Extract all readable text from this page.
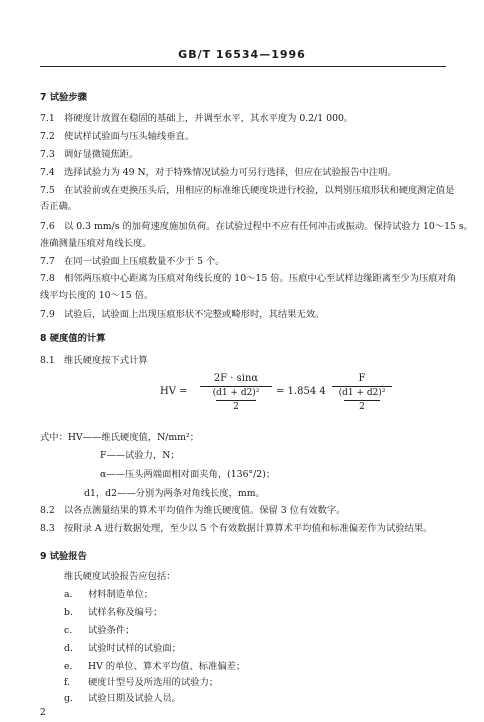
GB/T 16534—1996
7 试验步骤
7.1 将硬度计放置在稳固的基础上，并调至水平，其水平度为 0.2/1 000。
7.2 使试样试验面与压头轴线垂直。
7.3 调好显微镜焦距。
7.4 选择试验力为 49 N，对于特殊情况试验力可另行选择，但应在试验报告中注明。
7.5 在试验前或在更换压头后，用相应的标准维氏硬度块进行校验，以判别压痕形状和硬度测定值是
否正确。
7.6 以 0.3 mm/s 的加荷速度施加负荷。在试验过程中不应有任何冲击或振动。保持试验力 10～15 s。
准确测量压痕对角线长度。
7.7 在同一试验面上压痕数量不少于 5 个。
7.8 相邻两压痕中心距离为压痕对角线长度的 10～15 倍。压痕中心至试样边缘距离至少为压痕对角
线平均长度的 10～15 倍。
7.9 试验后，试验面上出现压痕形状不完整或畸形时，其结果无效。
8 硬度值的计算
8.1 维氏硬度按下式计算
HV =
2F · sinα
(d1 + d2)²
2
= 1.854 4
F
(d1 + d2)²
2
式中：HV——维氏硬度值，N/mm²；
F——试验力，N；
α——压头两端面相对面夹角，(136°/2)；
d1，d2——分别为两条对角线长度，mm。
8.2 以各点测量结果的算术平均值作为维氏硬度值。保留 3 位有效数字。
8.3 按附录 A 进行数据处理，至少以 5 个有效数据计算算术平均值和标准偏差作为试验结果。
9 试验报告
维氏硬度试验报告应包括：
a. 材料制造单位；
b. 试样名称及编号；
c. 试验条件；
d. 试验时试样的试验面；
e. HV 的单位、算术平均值、标准偏差；
f. 硬度计型号及所选用的试验力；
g. 试验日期及试验人员。
2
